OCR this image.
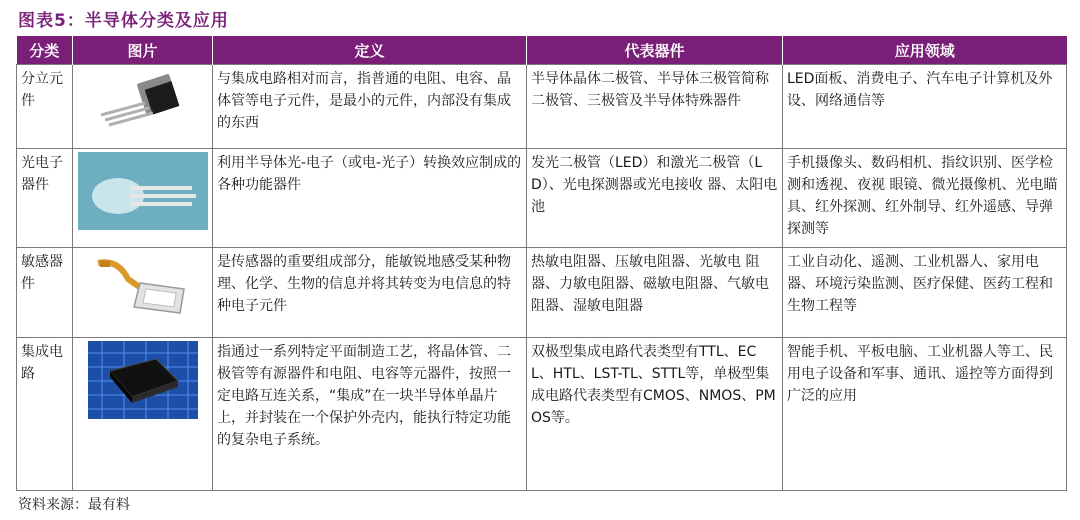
图表5：半导体分类及应用
分类	图片	定义	代表器件	应用领域
分立元件		与集成电路相对而言，指普通的电阻、电容、晶体管等电子元件，是最小的元件，内部没有集成的东西	半导体晶体二极管、半导体三极管简称二极管、三极管及半导体特殊器件	LED面板、消费电子、汽车电子计算机及外设、网络通信等
光电子器件		利用半导体光-电子（或电-光子）转换效应制成的各种功能器件	发光二极管（LED）和激光二极管（LD）、光电探测器或光电接收 器、太阳电池	手机摄像头、数码相机、指纹识别、医学检测和透视、夜视 眼镜、微光摄像机、光电瞄具、红外探测、红外制导、红外遥感、导弹探测等
敏感器件		是传感器的重要组成部分，能敏锐地感受某种物理、化学、生物的信息并将其转变为电信息的特种电子元件	热敏电阻器、压敏电阻器、光敏电 阻器、力敏电阻器、磁敏电阻器、气敏电阻器、湿敏电阻器	工业自动化、遥测、工业机器人、家用电器、环境污染监测、医疗保健、医药工程和生物工程等
集成电路		指通过一系列特定平面制造工艺，将晶体管、二极管等有源器件和电阻、电容等元器件，按照一定电路互连关系，“集成”在一块半导体单晶片上，并封装在一个保护外壳内，能执行特定功能的复杂电子系统。	双极型集成电路代表类型有TTL、ECL、HTL、LST-TL、STTL等，单极型集成电路代表类型有CMOS、NMOS、PMOS等。	智能手机、平板电脑、工业机器人等工、民用电子设备和军事、通讯、遥控等方面得到广泛的应用
资料来源：最有料
